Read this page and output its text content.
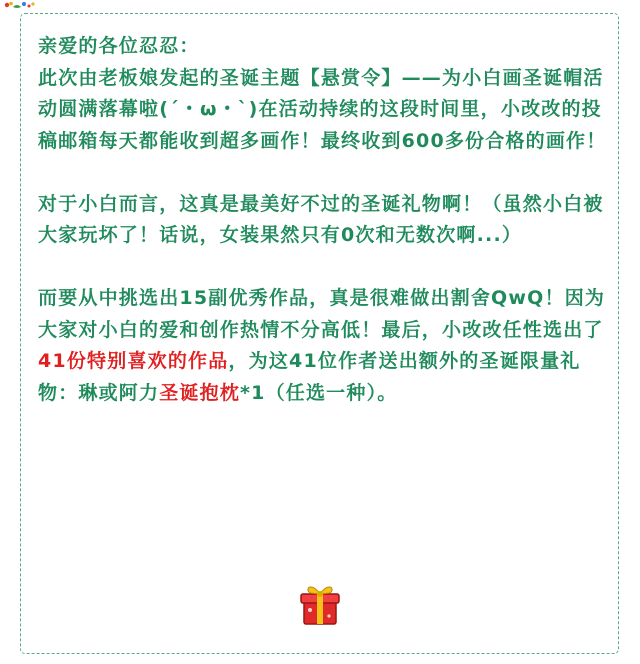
亲爱的各位忍忍：

此次由老板娘发起的圣诞主题【悬赏令】——为小白画圣诞帽活动圆满落幕啦(´・ω・`)在活动持续的这段时间里，小改改的投稿邮箱每天都能收到超多画作！最终收到600多份合格的画作！

对于小白而言，这真是最美好不过的圣诞礼物啊！（虽然小白被大家玩坏了！话说，女装果然只有0次和无数次啊...）

而要从中挑选出15副优秀作品，真是很难做出割舍QwQ！因为大家对小白的爱和创作热情不分高低！最后，小改改任性选出了41份特别喜欢的作品，为这41位作者送出额外的圣诞限量礼物：琳或阿力圣诞抱枕*1（任选一种）。
